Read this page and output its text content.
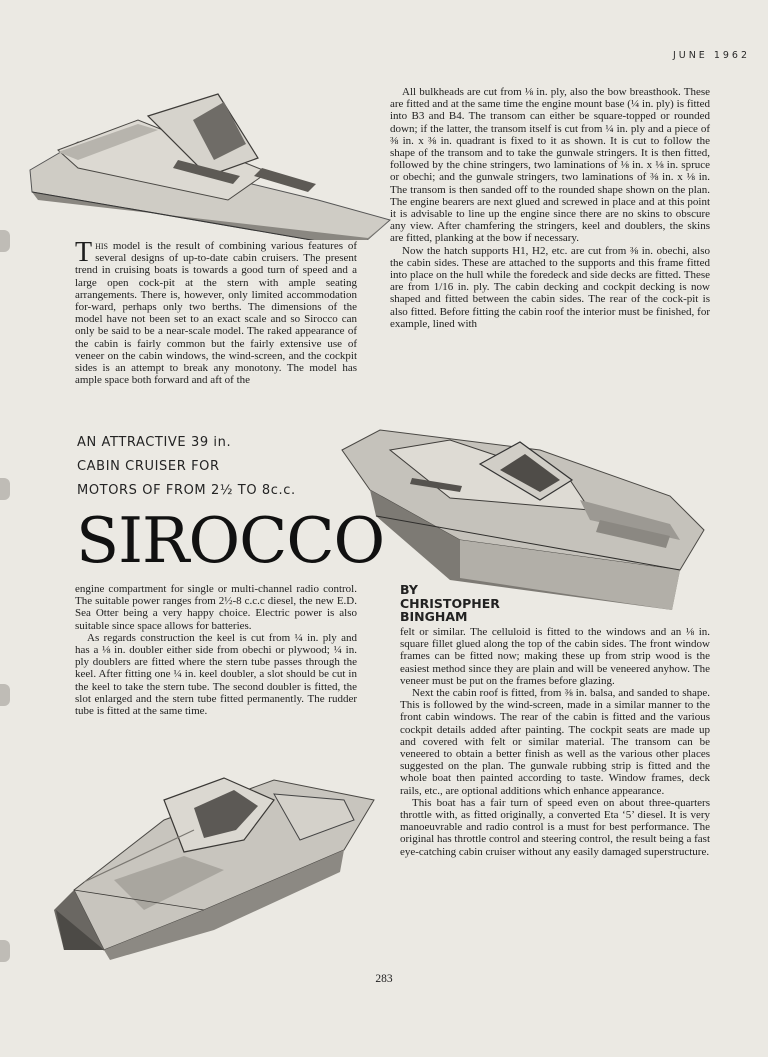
JUNE 1962

This model is the result of combining various features of several designs of up-to-date cabin cruisers. The present trend in cruising boats is towards a good turn of speed and a large open cock-pit at the stern with ample seating arrangements. There is, however, only limited accommodation for-ward, perhaps only two berths. The dimensions of the model have not been set to an exact scale and so Sirocco can only be said to be a near-scale model. The raked appearance of the cabin is fairly common but the fairly extensive use of veneer on the cabin windows, the wind-screen, and the cockpit sides is an attempt to break any monotony. The model has ample space both forward and aft of the

All bulkheads are cut from ⅛ in. ply, also the bow breasthook. These are fitted and at the same time the engine mount base (¼ in. ply) is fitted into B3 and B4. The transom can either be square-topped or rounded down; if the latter, the transom itself is cut from ¼ in. ply and a piece of ⅜ in. x ⅜ in. quadrant is fixed to it as shown. It is cut to follow the shape of the transom and to take the gunwale stringers. It is then fitted, followed by the chine stringers, two laminations of ⅛ in. x ⅛ in. spruce or obechi; and the gunwale stringers, two laminations of ⅜ in. x ⅛ in. The transom is then sanded off to the rounded shape shown on the plan. The engine bearers are next glued and screwed in place and at this point it is advisable to line up the engine since there are no skins to obscure any view. After chamfering the stringers, keel and doublers, the skins are fitted, planking at the bow if necessary.

Now the hatch supports H1, H2, etc. are cut from ⅜ in. obechi, also the cabin sides. These are attached to the supports and this frame fitted into place on the hull while the foredeck and side decks are fitted. These are from 1/16 in. ply. The cabin decking and cockpit decking is now shaped and fitted between the cabin sides. The rear of the cock-pit is also fitted. Before fitting the cabin roof the interior must be finished, for example, lined with

AN ATTRACTIVE 39 in.
CABIN CRUISER FOR
MOTORS OF FROM 2½ TO 8c.c.
SIROCCO

engine compartment for single or multi-channel radio control. The suitable power ranges from 2½-8 c.c.c diesel, the new E.D. Sea Otter being a very happy choice. Electric power is also suitable since space allows for batteries.

As regards construction the keel is cut from ¼ in. ply and has a ⅛ in. doubler either side from obechi or plywood; ¼ in. ply doublers are fitted where the stern tube passes through the keel. After fitting one ¼ in. keel doubler, a slot should be cut in the keel to take the stern tube. The second doubler is fitted, the slot enlarged and the stern tube fitted permanently. The rudder tube is fitted at the same time.

BY
CHRISTOPHER
BINGHAM

felt or similar. The celluloid is fitted to the windows and an ⅛ in. square fillet glued along the top of the cabin sides. The front window frames can be fitted now; making these up from strip wood is the easiest method since they are plain and will be veneered anyhow. The veneer must be put on the frames before glazing.

Next the cabin roof is fitted, from ⅜ in. balsa, and sanded to shape. This is followed by the wind-screen, made in a similar manner to the front cabin windows. The rear of the cabin is fitted and the various cockpit details added after painting. The cockpit seats are made up and covered with felt or similar material. The transom can be veneered to obtain a better finish as well as the various other places suggested on the plan. The gunwale rubbing strip is fitted and the whole boat then painted according to taste. Window frames, deck rails, etc., are optional additions which enhance appearance.

This boat has a fair turn of speed even on about three-quarters throttle with, as fitted originally, a converted Eta ‘5’ diesel. It is very manoeuvrable and radio control is a must for best performance. The original has throttle control and steering control, the result being a fast eye-catching cabin cruiser without any easily damaged superstructure.

283
